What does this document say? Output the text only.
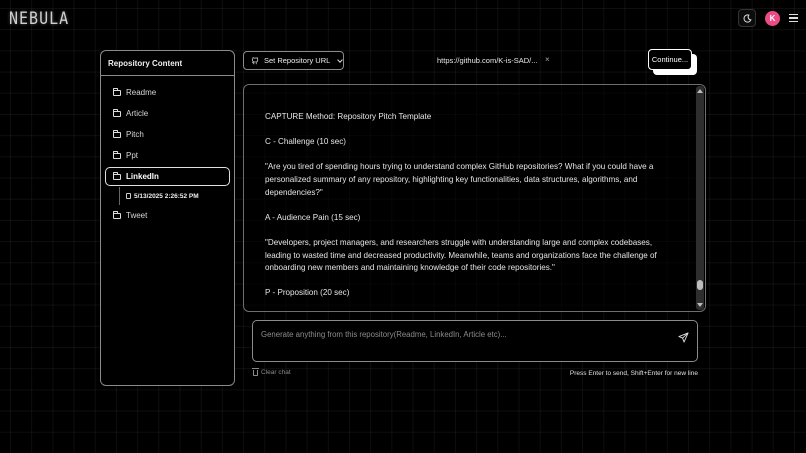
NEBULA	K
Repository Content
Readme
Article
Pitch
Ppt
LinkedIn
5/13/2025 2:26:52 PM
Tweet
Set Repository URL	https://github.com/K-is-SAD/... ×	Continue...

CAPTURE Method: Repository Pitch Template

C - Challenge (10 sec)

"Are you tired of spending hours trying to understand complex GitHub repositories? What if you could have a personalized summary of any repository, highlighting key functionalities, data structures, algorithms, and dependencies?"

A - Audience Pain (15 sec)

"Developers, project managers, and researchers struggle with understanding large and complex codebases, leading to wasted time and decreased productivity. Meanwhile, teams and organizations face the challenge of onboarding new members and maintaining knowledge of their code repositories."

P - Proposition (20 sec)

Generate anything from this repository(Readme, LinkedIn, Article etc)...
Clear chat	Press Enter to send, Shift+Enter for new line
